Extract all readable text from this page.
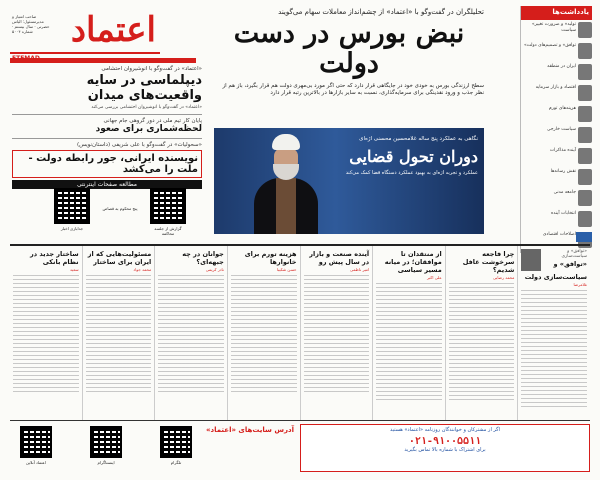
اعتماد
صاحب امتیاز و مدیرمسئول: الیاس حضرتی · سال بیستم · شماره ۵۰۰۴
«اعتماد» در گفت‌وگو با انوشیروان احتشامی
دیپلماسی در سایه واقعیت‌های میدان
«اعتماد» در گفت‌وگو با انوشیروان احتشامی بررسی می‌کند
پایان کار تیم ملی در دور گروهی جام جهانی
لحظه‌شماری برای صعود
«سحولیات» در گفت‌وگو با علی شریفی (داستان‌نویس)
نویسنده ایرانی، جور رابطه دولت - ملت را می‌کشد
مطالعه صفحات اینترنتی
گزارش از جلسه محاکمه
جدابازی اخبار
پنج محکوم به قصاص
تحلیلگران در گفت‌وگو با «اعتماد» از چشم‌انداز معاملات سهام می‌گویند
نبض بورس در دست دولت
سطح ارزندگی بورس به خودی خود در جایگاهی قرار دارد که حتی اگر مورد بی‌مهری دولت هم قرار بگیرد، باز هم از نظر جذب و ورود نقدینگی برای سرمایه‌گذاری، نسبت به سایر بازارها در بالاترین رتبه قرار دارد
نگاهی به عملکرد پنج ساله غلامحسین محسنی اژه‌ای
دوران تحول قضایی
عملکرد و تجربه اژه‌ای به بهبود عملکرد دستگاه قضا کمک می‌کند
یادداشت‌ها
«تولید» و ضرورت تغییر سیاست
«توافق» و تصمیم‌های دولت
ایران در منطقه
اقتصاد و بازار سرمایه
هزینه‌های تورم
سیاست خارجی
آینده مذاکرات
نقش رسانه‌ها
جامعه مدنی
انتخابات آینده
اصلاحات اقتصادی
«توافق» و سیاست‌سازی
«توافق» و سیاست‌سازی دولت
غلامرضا
چرا فاجعه سرخوشت غافل شدیم؟
محمد رضایی
از منتقدان تا موافقان؛ در میانه مسیر سیاسی
علی اکبر
آینده صنعت و بازار در سال پیش رو
امیر ناظمی
هزینه تورم برای خانوارها
حسن شکیبا
جوانان در چه جبهه‌ای؟
نادر کریمی
مسئولیت‌هایی که از ایران برای ساختار
محمد جواد
ساختار جدید در نظام بانکی
سعید
اعتماد آنلاین	اینستاگرام	تلگرام
آدرس سایت‌های «اعتماد»	اگر از مشترکان و خوانندگان روزنامه «اعتماد» هستید
۰۲۱-۹۱۰۰۵۵۱۱
برای اشتراک با شماره بالا تماس بگیرید
